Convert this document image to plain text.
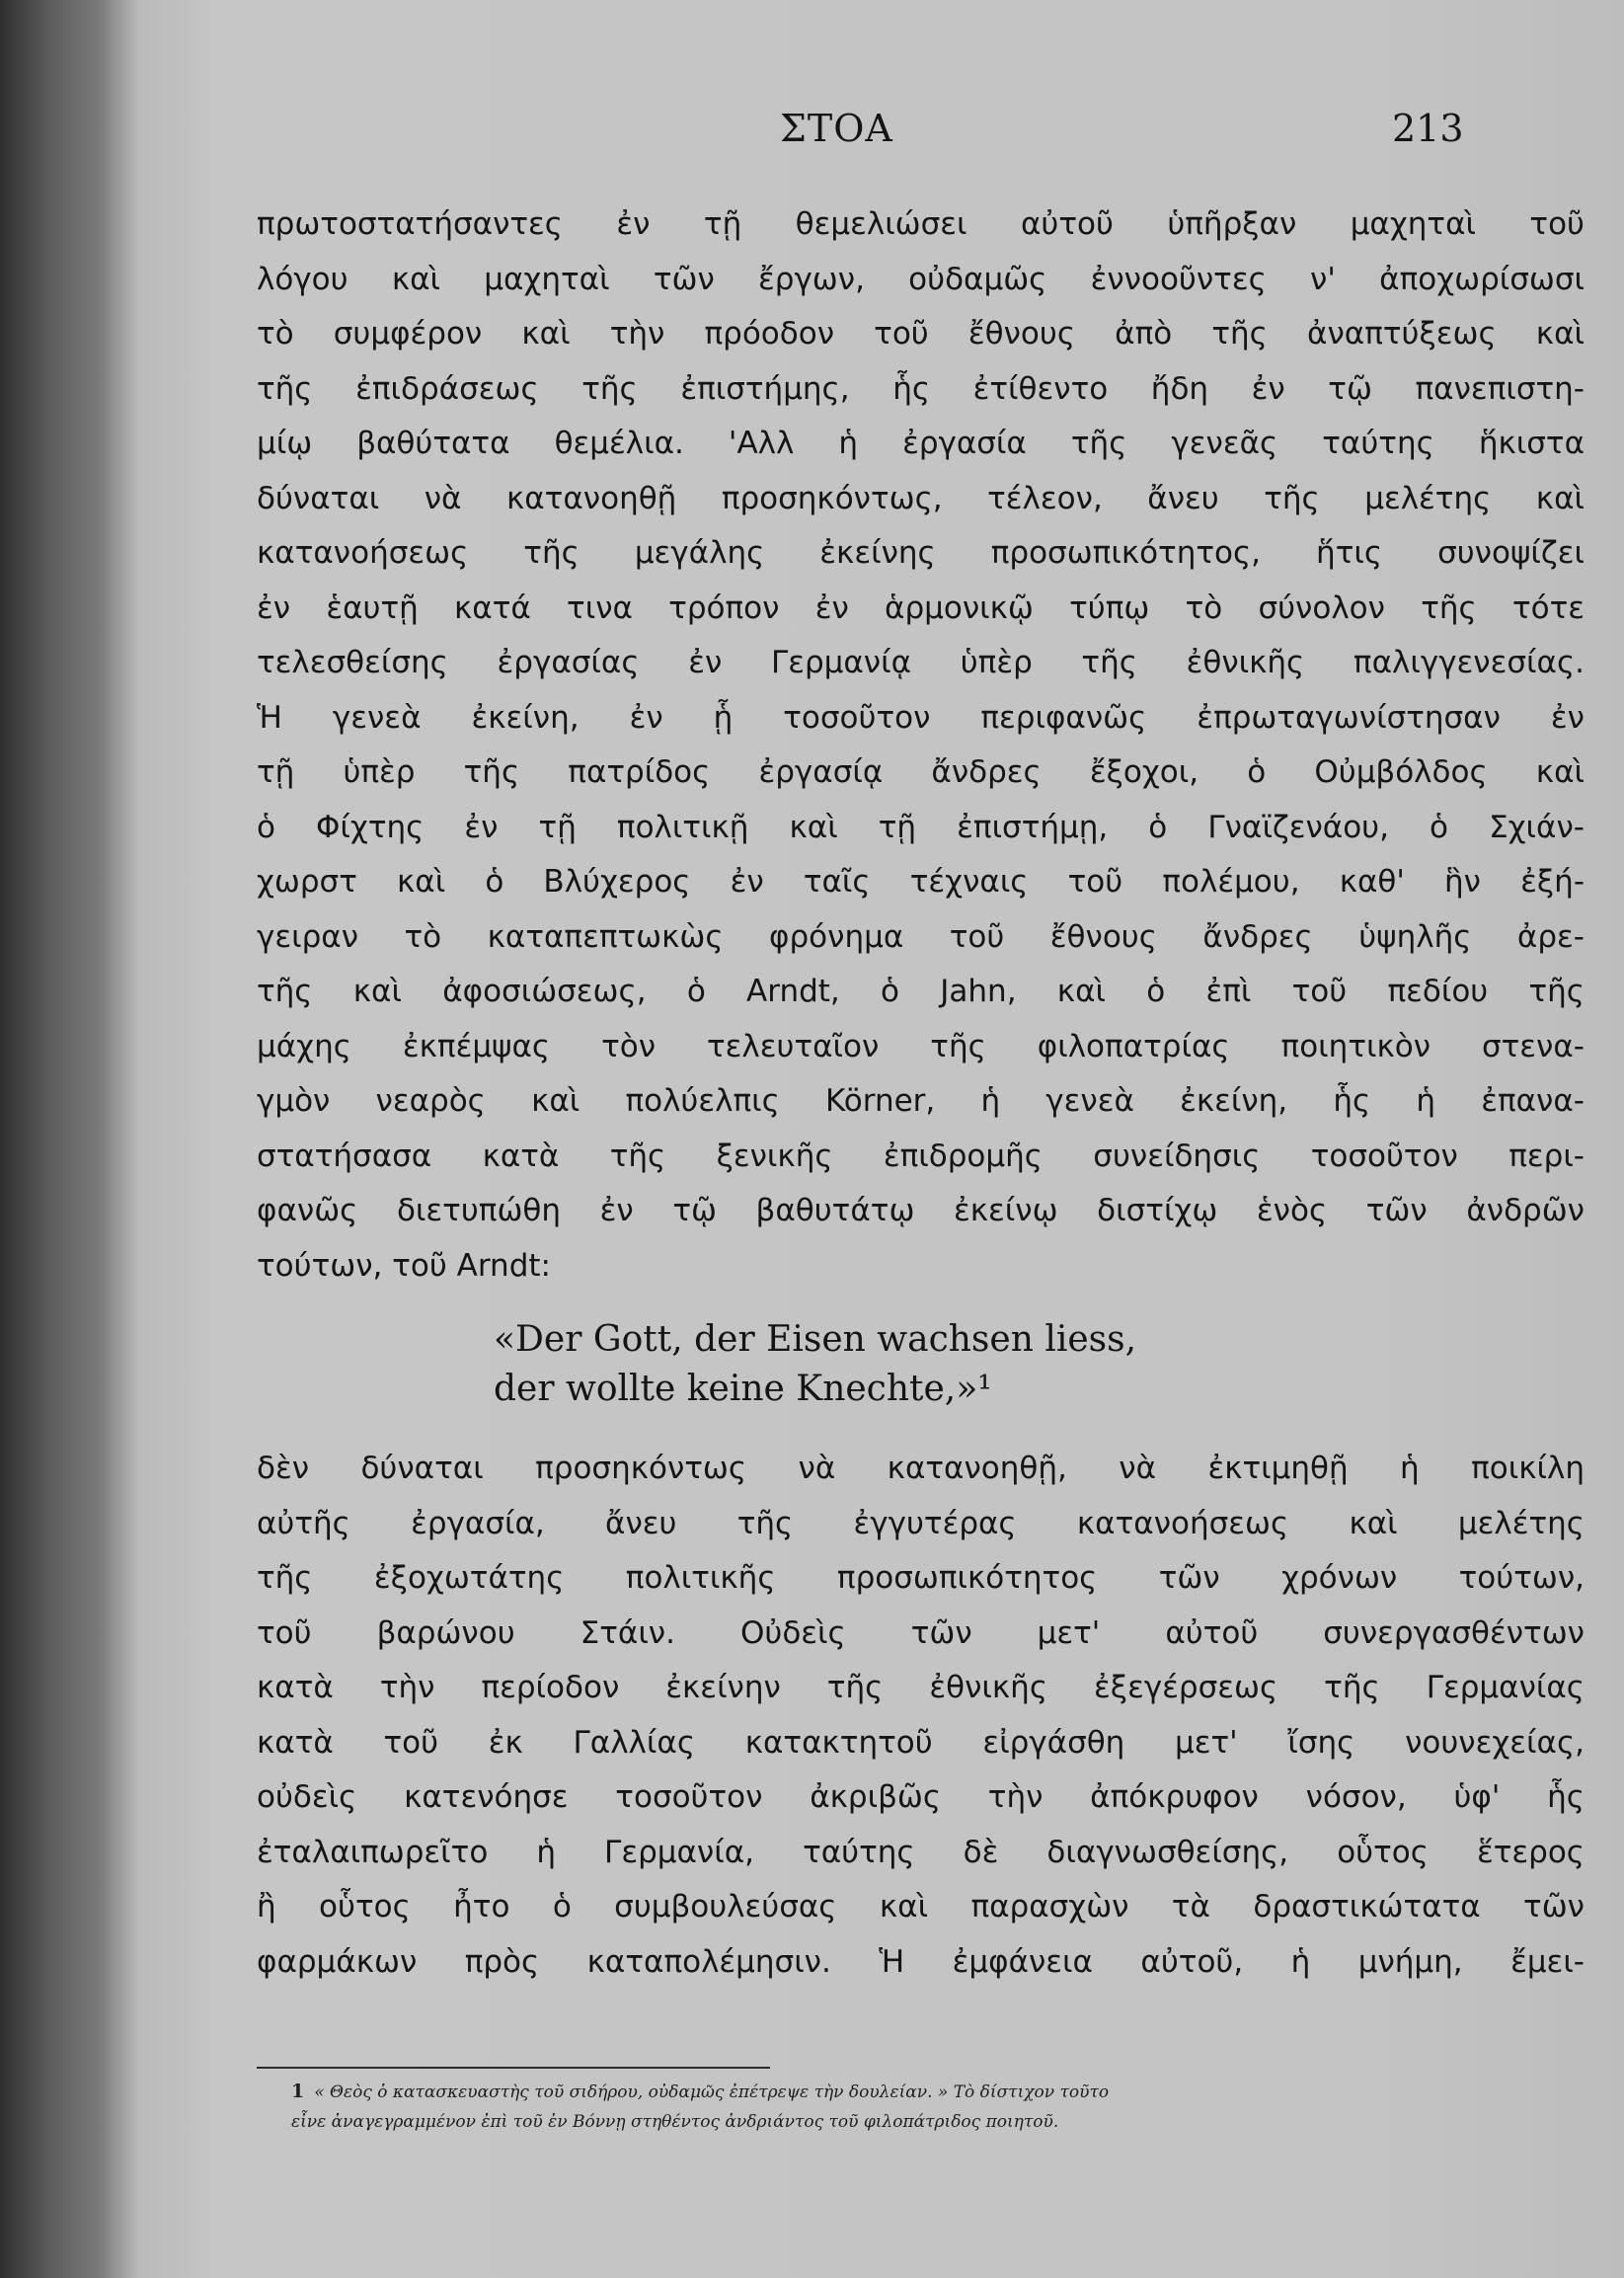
ΣΤΟΑ	213
πρωτοστατήσαντες ἐν τῇ θεμελιώσει αὐτοῦ ὑπῆρξαν μαχηταὶ τοῦ
λόγου καὶ μαχηταὶ τῶν ἔργων, οὐδαμῶς ἐννοοῦντες ν' ἀποχωρίσωσι
τὸ συμφέρον καὶ τὴν πρόοδον τοῦ ἔθνους ἀπὸ τῆς ἀναπτύξεως καὶ
τῆς ἐπιδράσεως τῆς ἐπιστήμης, ἧς ἐτίθεντο ἤδη ἐν τῷ πανεπιστη-
μίῳ βαθύτατα θεμέλια. 'Αλλ ἡ ἐργασία τῆς γενεᾶς ταύτης ἥκιστα
δύναται νὰ κατανοηθῇ προσηκόντως, τέλεον, ἄνευ τῆς μελέτης καὶ
κατανοήσεως τῆς μεγάλης ἐκείνης προσωπικότητος, ἥτις συνοψίζει
ἐν ἑαυτῇ κατά τινα τρόπον ἐν ἁρμονικῷ τύπῳ τὸ σύνολον τῆς τότε
τελεσθείσης ἐργασίας ἐν Γερμανίᾳ ὑπὲρ τῆς ἐθνικῆς παλιγγενεσίας.
Ἡ γενεὰ ἐκείνη, ἐν ᾗ τοσοῦτον περιφανῶς ἐπρωταγωνίστησαν ἐν
τῇ ὑπὲρ τῆς πατρίδος ἐργασίᾳ ἄνδρες ἔξοχοι, ὁ Οὐμβόλδος καὶ
ὁ Φίχτης ἐν τῇ πολιτικῇ καὶ τῇ ἐπιστήμῃ, ὁ Γναϊζενάου, ὁ Σχιάν-
χωρστ καὶ ὁ Βλύχερος ἐν ταῖς τέχναις τοῦ πολέμου, καθ' ἣν ἐξή-
γειραν τὸ καταπεπτωκὼς φρόνημα τοῦ ἔθνους ἄνδρες ὑψηλῆς ἀρε-
τῆς καὶ ἀφοσιώσεως, ὁ Arndt, ὁ Jahn, καὶ ὁ ἐπὶ τοῦ πεδίου τῆς
μάχης ἐκπέμψας τὸν τελευταῖον τῆς φιλοπατρίας ποιητικὸν στενα-
γμὸν νεαρὸς καὶ πολύελπις Körner, ἡ γενεὰ ἐκείνη, ἧς ἡ ἐπανα-
στατήσασα κατὰ τῆς ξενικῆς ἐπιδρομῆς συνείδησις τοσοῦτον περι-
φανῶς διετυπώθη ἐν τῷ βαθυτάτῳ ἐκείνῳ διστίχῳ ἑνὸς τῶν ἀνδρῶν
τούτων, τοῦ Arndt:
«Der Gott, der Eisen wachsen liess,
der wollte keine Knechte,»¹
δὲν δύναται προσηκόντως νὰ κατανοηθῇ, νὰ ἐκτιμηθῇ ἡ ποικίλη
αὐτῆς ἐργασία, ἄνευ τῆς ἐγγυτέρας κατανοήσεως καὶ μελέτης
τῆς ἐξοχωτάτης πολιτικῆς προσωπικότητος τῶν χρόνων τούτων,
τοῦ βαρώνου Στάιν. Οὐδεὶς τῶν μετ' αὐτοῦ συνεργασθέντων
κατὰ τὴν περίοδον ἐκείνην τῆς ἐθνικῆς ἐξεγέρσεως τῆς Γερμανίας
κατὰ τοῦ ἐκ Γαλλίας κατακτητοῦ εἰργάσθη μετ' ἴσης νουνεχείας,
οὐδεὶς κατενόησε τοσοῦτον ἀκριβῶς τὴν ἀπόκρυφον νόσον, ὑφ' ἧς
ἐταλαιπωρεῖτο ἡ Γερμανία, ταύτης δὲ διαγνωσθείσης, οὗτος ἕτερος
ἢ οὗτος ἦτο ὁ συμβουλεύσας καὶ παρασχὼν τὰ δραστικώτατα τῶν
φαρμάκων πρὸς καταπολέμησιν. Ἡ ἐμφάνεια αὐτοῦ, ἡ μνήμη, ἔμει-
1 « Θεὸς ὁ κατασκευαστὴς τοῦ σιδήρου, οὐδαμῶς ἐπέτρεψε τὴν δουλείαν. » Τὸ δίστιχον τοῦτο
εἶνε ἀναγεγραμμένον ἐπὶ τοῦ ἐν Βόννῃ στηθέντος ἀνδριάντος τοῦ φιλοπάτριδος ποιητοῦ.
